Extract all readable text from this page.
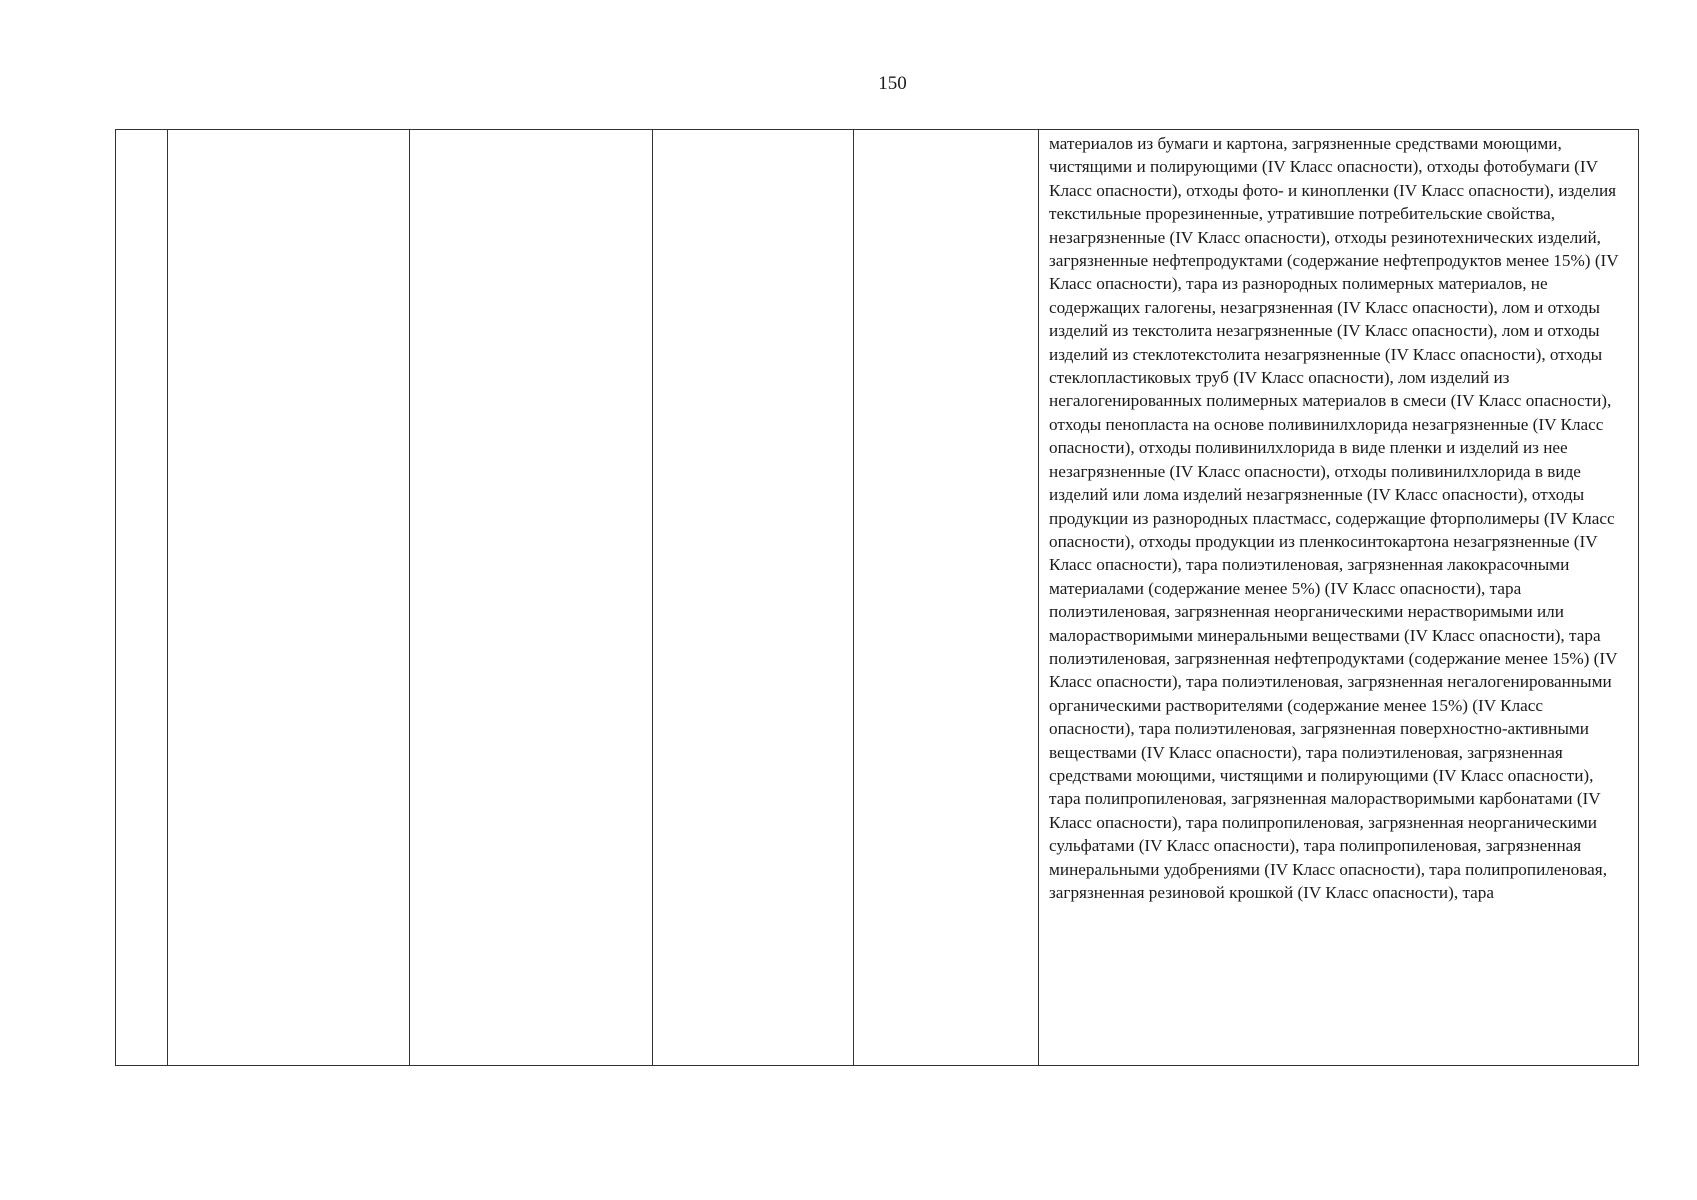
150

материалов из бумаги и картона, загрязненные средствами моющими, чистящими и полирующими (IV Класс опасности), отходы фотобумаги (IV Класс опасности), отходы фото- и кинопленки (IV Класс опасности), изделия текстильные прорезиненные, утратившие потребительские свойства, незагрязненные (IV Класс опасности), отходы резинотехнических изделий, загрязненные нефтепродуктами (содержание нефтепродуктов менее 15%) (IV Класс опасности), тара из разнородных полимерных материалов, не содержащих галогены, незагрязненная (IV Класс опасности), лом и отходы изделий из текстолита незагрязненные (IV Класс опасности), лом и отходы изделий из стеклотекстолита незагрязненные (IV Класс опасности), отходы стеклопластиковых труб (IV Класс опасности), лом изделий из негалогенированных полимерных материалов в смеси (IV Класс опасности), отходы пенопласта на основе поливинилхлорида незагрязненные (IV Класс опасности), отходы поливинилхлорида в виде пленки и изделий из нее незагрязненные (IV Класс опасности), отходы поливинилхлорида в виде изделий или лома изделий незагрязненные (IV Класс опасности), отходы продукции из разнородных пластмасс, содержащие фторполимеры (IV Класс опасности), отходы продукции из пленкосинтокартона незагрязненные (IV Класс опасности), тара полиэтиленовая, загрязненная лакокрасочными материалами (содержание менее 5%) (IV Класс опасности), тара полиэтиленовая, загрязненная неорганическими нерастворимыми или малорастворимыми минеральными веществами (IV Класс опасности), тара полиэтиленовая, загрязненная нефтепродуктами (содержание менее 15%) (IV Класс опасности), тара полиэтиленовая, загрязненная негалогенированными органическими растворителями (содержание менее 15%) (IV Класс опасности), тара полиэтиленовая, загрязненная поверхностно-активными веществами (IV Класс опасности), тара полиэтиленовая, загрязненная средствами моющими, чистящими и полирующими (IV Класс опасности), тара полипропиленовая, загрязненная малорастворимыми карбонатами (IV Класс опасности), тара полипропиленовая, загрязненная неорганическими сульфатами (IV Класс опасности), тара полипропиленовая, загрязненная минеральными удобрениями (IV Класс опасности), тара полипропиленовая, загрязненная резиновой крошкой (IV Класс опасности), тара
